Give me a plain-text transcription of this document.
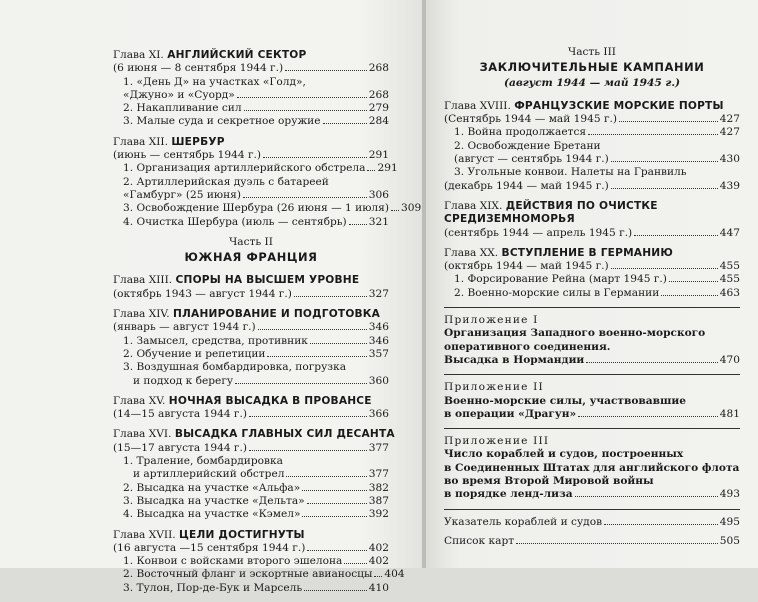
Глава XI. АНГЛИЙСКИЙ СЕКТОР
(6 июня — 8 сентября 1944 г.)	268
1. «День Д» на участках «Голд»,
«Джуно» и «Суорд»	268
2. Накапливание сил	279
3. Малые суда и секретное оружие	284
Глава XII. ШЕРБУР
(июнь — сентябрь 1944 г.)	291
1. Организация артиллерийского обстрела 291
2. Артиллерийская дуэль с батареей
«Гамбург» (25 июня)	306
3. Освобождение Шербура (26 июня — 1 июля) 309
4. Очистка Шербура (июль — сентябрь) 321
Часть II
ЮЖНАЯ ФРАНЦИЯ
Глава XIII. СПОРЫ НА ВЫСШЕМ УРОВНЕ
(октябрь 1943 — август 1944 г.)	327
Глава XIV. ПЛАНИРОВАНИЕ И ПОДГОТОВКА
(январь — август 1944 г.)	346
1. Замысел, средства, противник	346
2. Обучение и репетиции	357
3. Воздушная бомбардировка, погрузка
и подход к берегу	360
Глава XV. НОЧНАЯ ВЫСАДКА В ПРОВАНСЕ
(14—15 августа 1944 г.)	366
Глава XVI. ВЫСАДКА ГЛАВНЫХ СИЛ ДЕСАНТА
(15—17 августа 1944 г.)	377
1. Траление, бомбардировка
и артиллерийский обстрел	377
2. Высадка на участке «Альфа»	382
3. Высадка на участке «Дельта»	387
4. Высадка на участке «Кэмел»	392
Глава XVII. ЦЕЛИ ДОСТИГНУТЫ
(16 августа —15 сентября 1944 г.)	402
1. Конвои с войсками второго эшелона 402
2. Восточный фланг и эскортные авианосцы 404
3. Тулон, Пор-де-Бук и Марсель	410
Часть III
ЗАКЛЮЧИТЕЛЬНЫЕ КАМПАНИИ
(август 1944 — май 1945 г.)
Глава XVIII. ФРАНЦУЗСКИЕ МОРСКИЕ ПОРТЫ
(Сентябрь 1944 — май 1945 г.)	427
1. Война продолжается	427
2. Освобождение Бретани
(август — сентябрь 1944 г.)	430
3. Угольные конвои. Налеты на Гранвиль
(декабрь 1944 — май 1945 г.)	439
Глава XIX. ДЕЙСТВИЯ ПО ОЧИСТКЕ
СРЕДИЗЕМНОМОРЬЯ
(сентябрь 1944 — апрель 1945 г.)	447
Глава XX. ВСТУПЛЕНИЕ В ГЕРМАНИЮ
(октябрь 1944 — май 1945 г.)	455
1. Форсирование Рейна (март 1945 г.)	455
2. Военно-морские силы в Германии	463
Приложение I
Организация Западного военно-морского
оперативного соединения.
Высадка в Нормандии	470
Приложение II
Военно-морские силы, участвовавшие
в операции «Драгун»	481
Приложение III
Число кораблей и судов, построенных
в Соединенных Штатах для английского флота
во время Второй Мировой войны
в порядке ленд-лиза	493
Указатель кораблей и судов	495
Список карт	505
